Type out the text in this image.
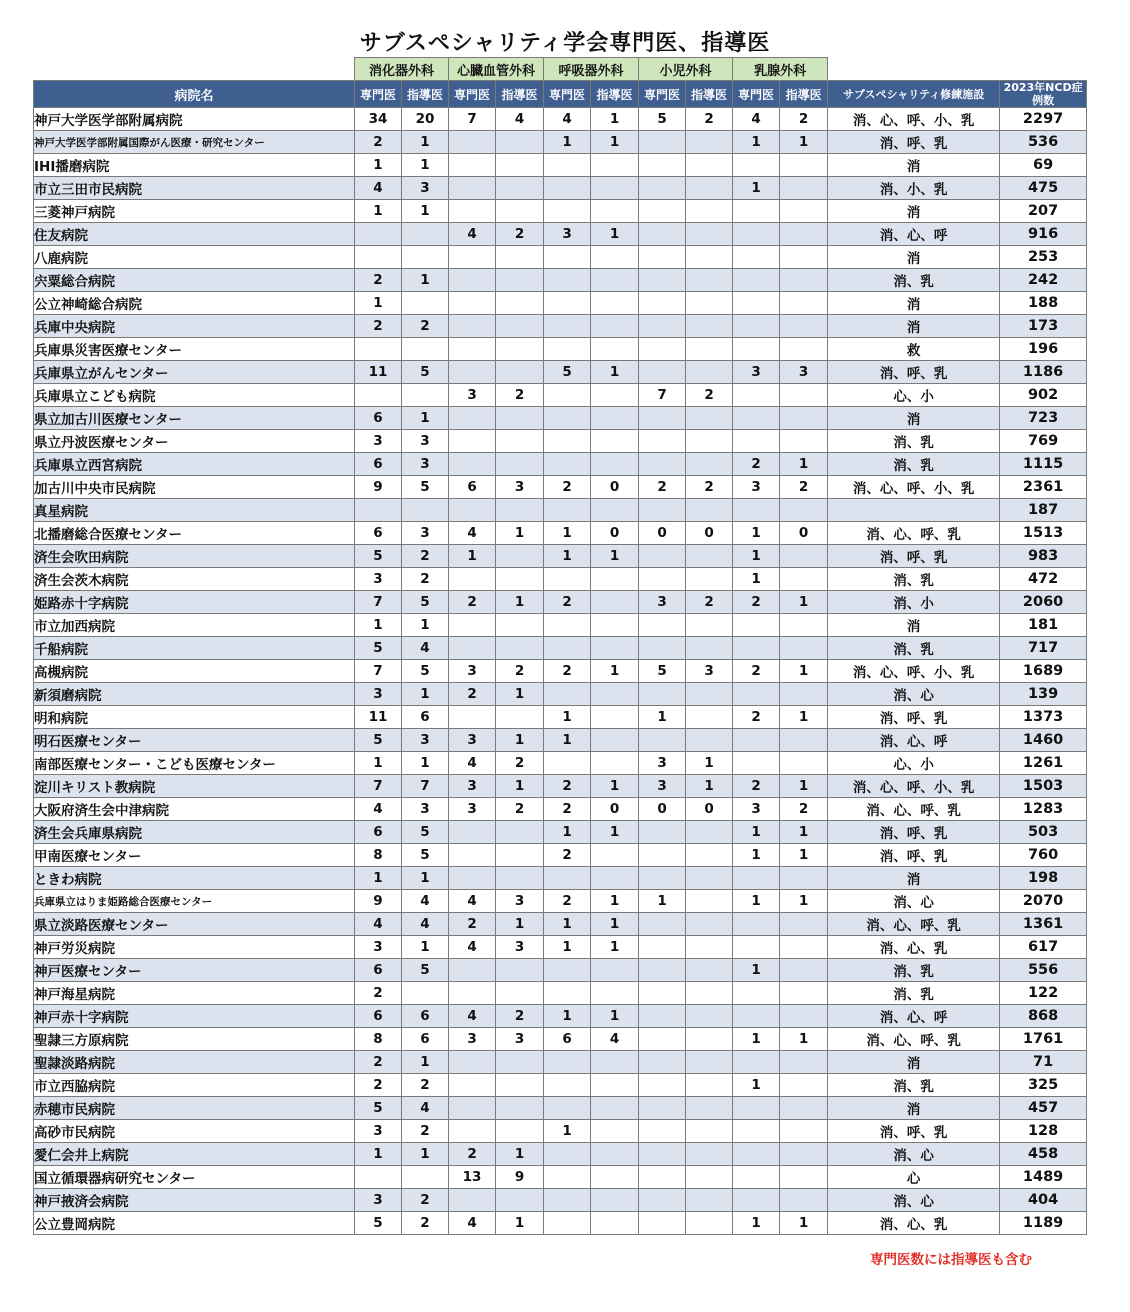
サブスペシャリティ学会専門医、指導医
	消化器外科		心臓血管外科		呼吸器外科		小児外科		乳腺外科			
病院名	専門医	指導医	専門医	指導医	専門医	指導医	専門医	指導医	専門医	指導医	サブスペシャリティ修練施設	2023年NCD症例数
神戸大学医学部附属病院	34	20	7	4	4	1	5	2	4	2	消、心、呼、小、乳	2297
神戸大学医学部附属国際がん医療・研究センター	2	1			1	1			1	1	消、呼、乳	536
IHI播磨病院	1	1									消	69
市立三田市民病院	4	3							1		消、小、乳	475
三菱神戸病院	1	1									消	207
住友病院			4	2	3	1					消、心、呼	916
八鹿病院											消	253
宍粟総合病院	2	1									消、乳	242
公立神崎総合病院	1										消	188
兵庫中央病院	2	2									消	173
兵庫県災害医療センター											救	196
兵庫県立がんセンター	11	5			5	1			3	3	消、呼、乳	1186
兵庫県立こども病院			3	2			7	2			心、小	902
県立加古川医療センター	6	1									消	723
県立丹波医療センター	3	3									消、乳	769
兵庫県立西宮病院	6	3							2	1	消、乳	1115
加古川中央市民病院	9	5	6	3	2	0	2	2	3	2	消、心、呼、小、乳	2361
真星病院												187
北播磨総合医療センター	6	3	4	1	1	0	0	0	1	0	消、心、呼、乳	1513
済生会吹田病院	5	2	1		1	1			1		消、呼、乳	983
済生会茨木病院	3	2							1		消、乳	472
姫路赤十字病院	7	5	2	1	2		3	2	2	1	消、小	2060
市立加西病院	1	1									消	181
千船病院	5	4									消、乳	717
高槻病院	7	5	3	2	2	1	5	3	2	1	消、心、呼、小、乳	1689
新須磨病院	3	1	2	1							消、心	139
明和病院	11	6			1		1		2	1	消、呼、乳	1373
明石医療センター	5	3	3	1	1						消、心、呼	1460
南部医療センター・こども医療センター	1	1	4	2			3	1			心、小	1261
淀川キリスト教病院	7	7	3	1	2	1	3	1	2	1	消、心、呼、小、乳	1503
大阪府済生会中津病院	4	3	3	2	2	0	0	0	3	2	消、心、呼、乳	1283
済生会兵庫県病院	6	5			1	1			1	1	消、呼、乳	503
甲南医療センター	8	5			2				1	1	消、呼、乳	760
ときわ病院	1	1									消	198
兵庫県立はりま姫路総合医療センター	9	4	4	3	2	1	1		1	1	消、心	2070
県立淡路医療センター	4	4	2	1	1	1					消、心、呼、乳	1361
神戸労災病院	3	1	4	3	1	1					消、心、乳	617
神戸医療センター	6	5							1		消、乳	556
神戸海星病院	2										消、乳	122
神戸赤十字病院	6	6	4	2	1	1					消、心、呼	868
聖隷三方原病院	8	6	3	3	6	4			1	1	消、心、呼、乳	1761
聖隷淡路病院	2	1									消	71
市立西脇病院	2	2							1		消、乳	325
赤穂市民病院	5	4									消	457
高砂市民病院	3	2			1						消、呼、乳	128
愛仁会井上病院	1	1	2	1							消、心	458
国立循環器病研究センター			13	9							心	1489
神戸掖済会病院	3	2									消、心	404
公立豊岡病院	5	2	4	1					1	1	消、心、乳	1189
専門医数には指導医も含む
